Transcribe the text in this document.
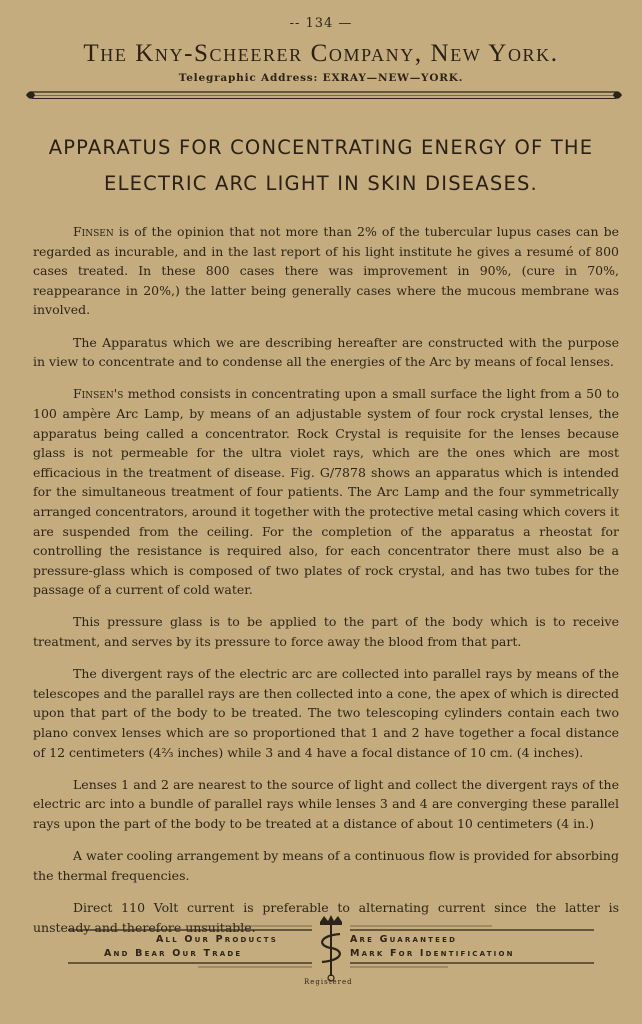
-- 134 —
The Kny-Scheerer Company, New York.
Telegraphic Address: EXRAY—NEW—YORK.
APPARATUS FOR CONCENTRATING ENERGY OF THE
ELECTRIC ARC LIGHT IN SKIN DISEASES.

Finsen is of the opinion that not more than 2% of the tubercular lupus cases can be regarded as incurable, and in the last report of his light institute he gives a resumé of 800 cases treated. In these 800 cases there was improvement in 90%, (cure in 70%, reappearance in 20%,) the latter being generally cases where the mucous membrane was involved.

The Apparatus which we are describing hereafter are constructed with the purpose in view to concentrate and to condense all the energies of the Arc by means of focal lenses.

Finsen's method consists in concentrating upon a small surface the light from a 50 to 100 ampère Arc Lamp, by means of an adjustable system of four rock crystal lenses, the apparatus being called a concentrator. Rock Crystal is requisite for the lenses because glass is not permeable for the ultra violet rays, which are the ones which are most efficacious in the treatment of disease. Fig. G/7878 shows an apparatus which is intended for the simultaneous treatment of four patients. The Arc Lamp and the four symmetrically arranged concentrators, around it together with the protective metal casing which covers it are suspended from the ceiling. For the completion of the apparatus a rheostat for controlling the resistance is required also, for each concentrator there must also be a pressure-glass which is composed of two plates of rock crystal, and has two tubes for the passage of a current of cold water.

This pressure glass is to be applied to the part of the body which is to receive treatment, and serves by its pressure to force away the blood from that part.

The divergent rays of the electric arc are collected into parallel rays by means of the telescopes and the parallel rays are then collected into a cone, the apex of which is directed upon that part of the body to be treated. The two telescoping cylinders contain each two plano convex lenses which are so proportioned that 1 and 2 have together a focal distance of 12 centimeters (4⅔ inches) while 3 and 4 have a focal distance of 10 cm. (4 inches).

Lenses 1 and 2 are nearest to the source of light and collect the divergent rays of the electric arc into a bundle of parallel rays while lenses 3 and 4 are converging these parallel rays upon the part of the body to be treated at a distance of about 10 centimeters (4 in.)

A water cooling arrangement by means of a continuous flow is provided for absorbing the thermal frequencies.

Direct 110 Volt current is preferable to alternating current since the latter is unsteady and therefore unsuitable.

All Our Products
And Bear Our Trade
Are Guaranteed
Mark For Identification
Registered
